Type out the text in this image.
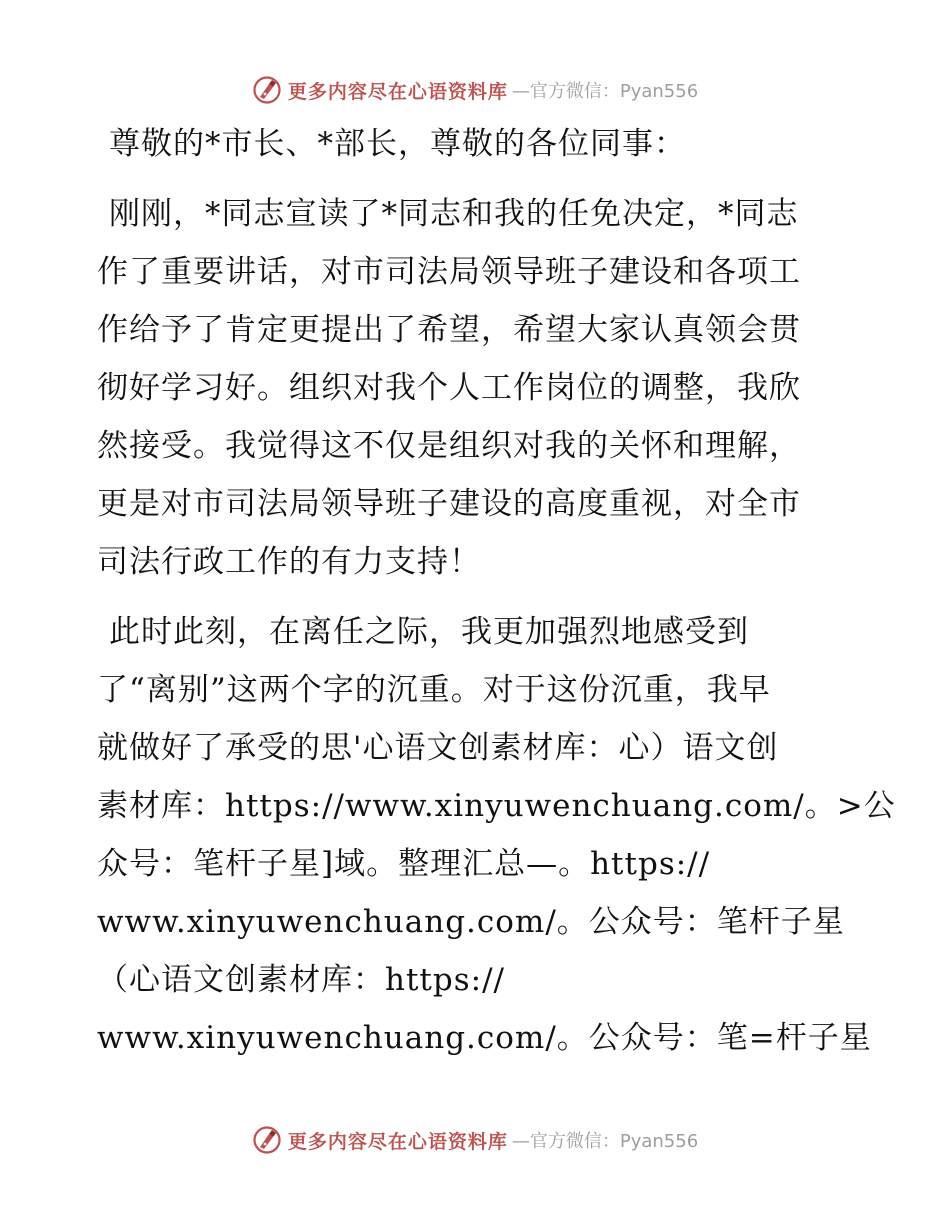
更多内容尽在心语资料库 —官方微信：Pyan556

尊敬的*市长、*部长，尊敬的各位同事：

刚刚，*同志宣读了*同志和我的任免决定，*同志
作了重要讲话，对市司法局领导班子建设和各项工
作给予了肯定更提出了希望，希望大家认真领会贯
彻好学习好。组织对我个人工作岗位的调整，我欣
然接受。我觉得这不仅是组织对我的关怀和理解，
更是对市司法局领导班子建设的高度重视，对全市
司法行政工作的有力支持！

此时此刻，在离任之际，我更加强烈地感受到
了“离别”这两个字的沉重。对于这份沉重，我早
就做好了承受的思'心语文创素材库：心）语文创
素材库：https://www.xinyuwenchuang.com/。>公
众号：笔杆子星]域。整理汇总—。https://
www.xinyuwenchuang.com/。公众号：笔杆子星
（心语文创素材库：https://
www.xinyuwenchuang.com/。公众号：笔=杆子星

更多内容尽在心语资料库 —官方微信：Pyan556
